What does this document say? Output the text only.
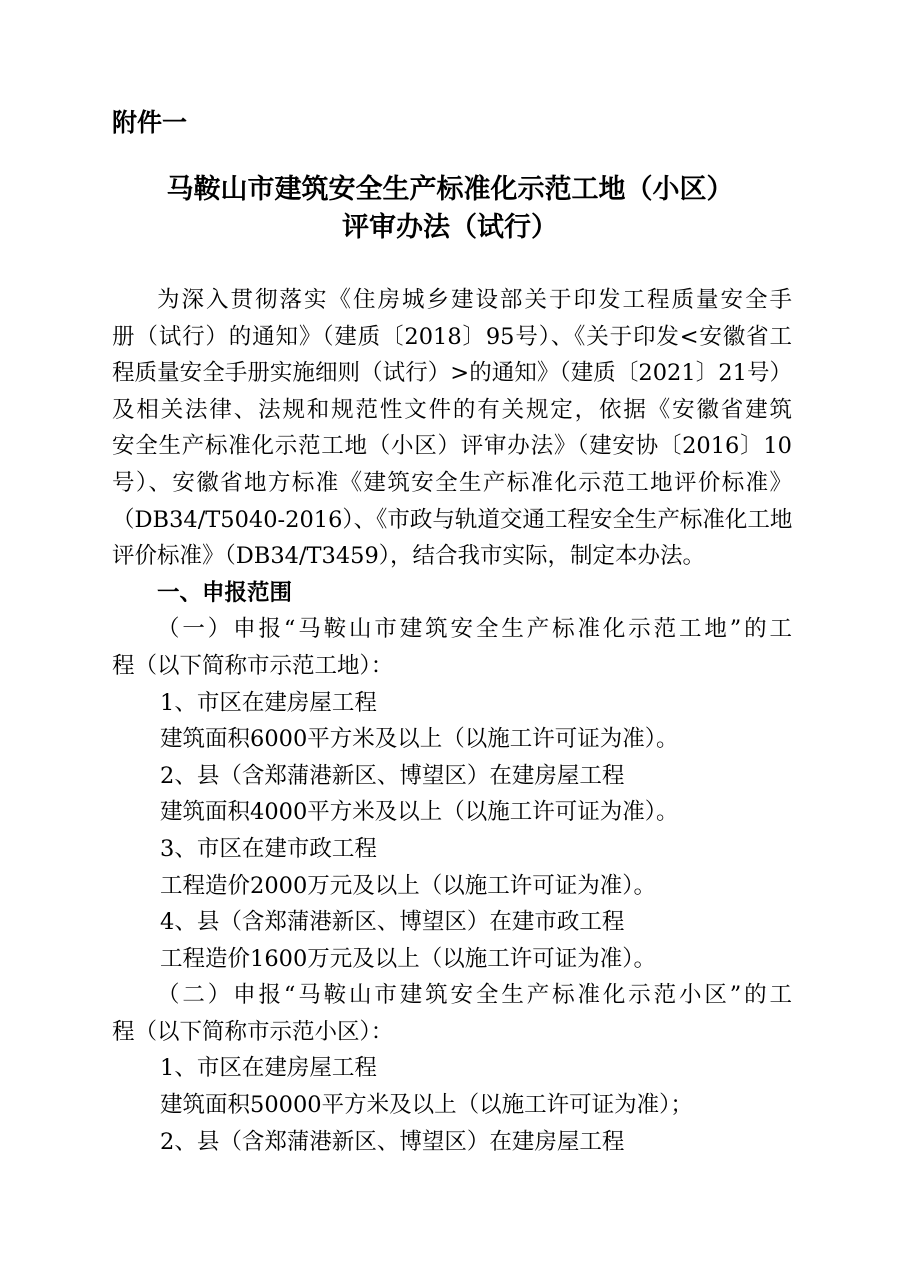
附件一
马鞍山市建筑安全生产标准化示范工地（小区）
评审办法（试行）

为深入贯彻落实《住房城乡建设部关于印发工程质量安全手

册（试行）的通知》（建质〔2018〕95号）、《关于印发<安徽省工

程质量安全手册实施细则（试行）>的通知》（建质〔2021〕21号）

及相关法律、法规和规范性文件的有关规定，依据《安徽省建筑

安全生产标准化示范工地（小区）评审办法》（建安协〔2016〕10

号）、安徽省地方标准《建筑安全生产标准化示范工地评价标准》

（DB34/T5040-2016）、《市政与轨道交通工程安全生产标准化工地

评价标准》（DB34/T3459），结合我市实际，制定本办法。

一、申报范围

（一）申报“马鞍山市建筑安全生产标准化示范工地”的工

程（以下简称市示范工地）：

1、市区在建房屋工程

建筑面积6000平方米及以上（以施工许可证为准）。

2、县（含郑蒲港新区、博望区）在建房屋工程

建筑面积4000平方米及以上（以施工许可证为准）。

3、市区在建市政工程

工程造价2000万元及以上（以施工许可证为准）。

4、县（含郑蒲港新区、博望区）在建市政工程

工程造价1600万元及以上（以施工许可证为准）。

（二）申报“马鞍山市建筑安全生产标准化示范小区”的工

程（以下简称市示范小区）：

1、市区在建房屋工程

建筑面积50000平方米及以上（以施工许可证为准）；

2、县（含郑蒲港新区、博望区）在建房屋工程
